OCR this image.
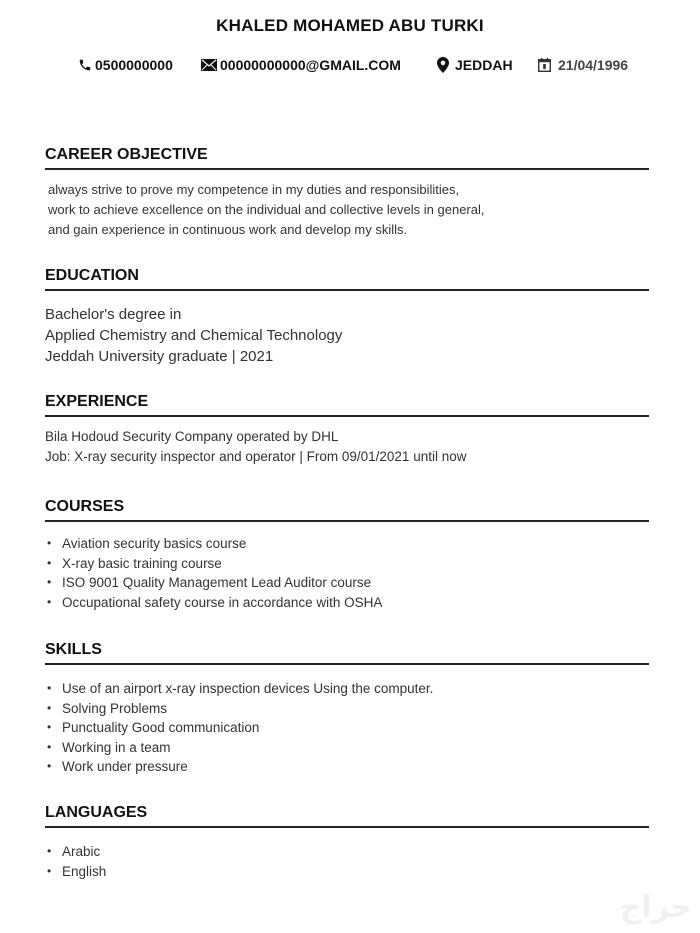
KHALED MOHAMED ABU TURKI
0500000000	00000000000@GMAIL.COM	JEDDAH	21/04/1996
CAREER OBJECTIVE
always strive to prove my competence in my duties and responsibilities,
work to achieve excellence on the individual and collective levels in general,
and gain experience in continuous work and develop my skills.
EDUCATION
Bachelor's degree in
Applied Chemistry and Chemical Technology
Jeddah University graduate | 2021
EXPERIENCE
Bila Hodoud Security Company operated by DHL
Job: X-ray security inspector and operator | From 09/01/2021 until now
COURSES
• Aviation security basics course
• X-ray basic training course
• ISO 9001 Quality Management Lead Auditor course
• Occupational safety course in accordance with OSHA
SKILLS
• Use of an airport x-ray inspection devices Using the computer.
• Solving Problems
• Punctuality Good communication
• Working in a team
• Work under pressure
LANGUAGES
• Arabic
• English
حراج
